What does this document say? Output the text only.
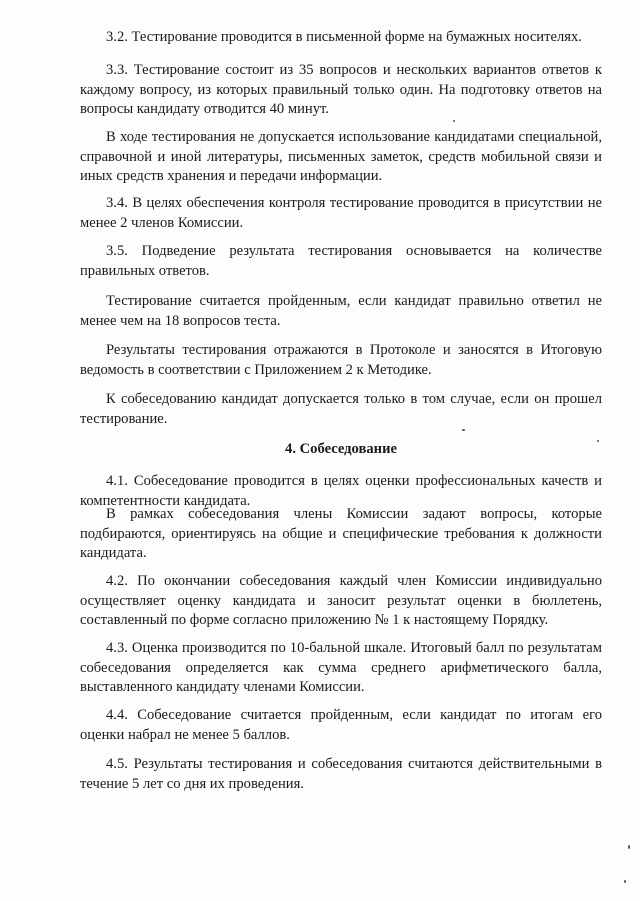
3.2. Тестирование проводится в письменной форме на бумажных носителях.

3.3. Тестирование состоит из 35 вопросов и нескольких вариантов ответов к каждому вопросу, из которых правильный только один. На подготовку ответов на вопросы кандидату отводится 40 минут.

В ходе тестирования не допускается использование кандидатами специальной, справочной и иной литературы, письменных заметок, средств мобильной связи и иных средств хранения и передачи информации.

3.4. В целях обеспечения контроля тестирование проводится в присутствии не менее 2 членов Комиссии.

3.5. Подведение результата тестирования основывается на количестве правильных ответов.

Тестирование считается пройденным, если кандидат правильно ответил не менее чем на 18 вопросов теста.

Результаты тестирования отражаются в Протоколе и заносятся в Итоговую ведомость в соответствии с Приложением 2 к Методике.

К собеседованию кандидат допускается только в том случае, если он прошел тестирование.

4. Собеседование

4.1. Собеседование проводится в целях оценки профессиональных качеств и компетентности кандидата.

В рамках собеседования члены Комиссии задают вопросы, которые подбираются, ориентируясь на общие и специфические требования к должности кандидата.

4.2. По окончании собеседования каждый член Комиссии индивидуально осуществляет оценку кандидата и заносит результат оценки в бюллетень, составленный по форме согласно приложению № 1 к настоящему Порядку.

4.3. Оценка производится по 10-бальной шкале. Итоговый балл по результатам собеседования определяется как сумма среднего арифметического балла, выставленного кандидату членами Комиссии.

4.4. Собеседование считается пройденным, если кандидат по итогам его оценки набрал не менее 5 баллов.

4.5. Результаты тестирования и собеседования считаются действительными в течение 5 лет со дня их проведения.
